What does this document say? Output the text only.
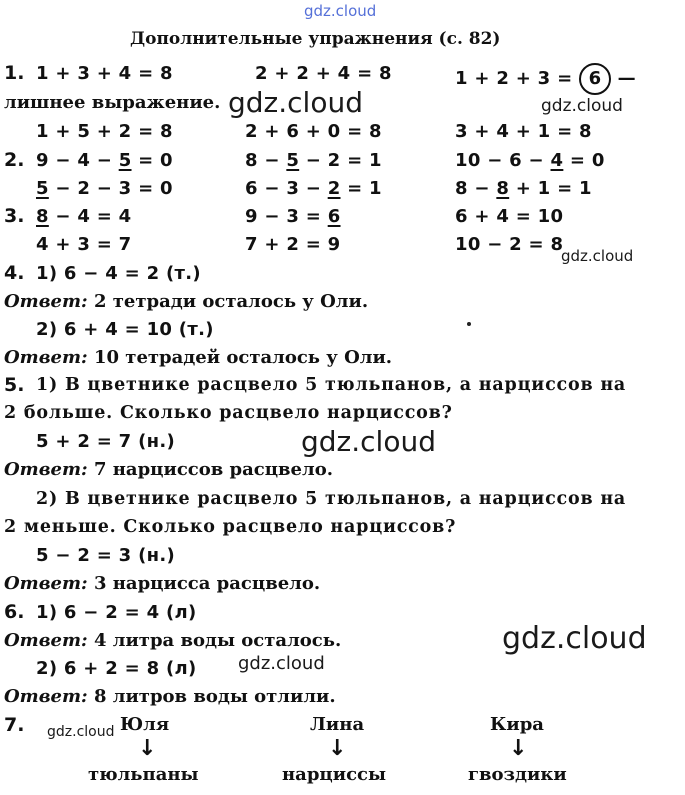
gdz.cloud
Дополнительные упражнения (с. 82)
1. 1 + 3 + 4 = 8	2 + 2 + 4 = 8	1 + 2 + 3 = 6 —
лишнее выражение.
1 + 5 + 2 = 8	2 + 6 + 0 = 8	3 + 4 + 1 = 8
2. 9 − 4 − 5 = 0	8 − 5 − 2 = 1	10 − 6 − 4 = 0
5 − 2 − 3 = 0	6 − 3 − 2 = 1	8 − 8 + 1 = 1
3. 8 − 4 = 4	9 − 3 = 6	6 + 4 = 10
4 + 3 = 7	7 + 2 = 9	10 − 2 = 8
4. 1) 6 − 4 = 2 (т.)
Ответ: 2 тетради осталось у Оли.
2) 6 + 4 = 10 (т.)
Ответ: 10 тетрадей осталось у Оли.
5. 1) В цветнике расцвело 5 тюльпанов, а нарциссов на
2 больше. Сколько расцвело нарциссов?
5 + 2 = 7 (н.)
Ответ: 7 нарциссов расцвело.
2) В цветнике расцвело 5 тюльпанов, а нарциссов на
2 меньше. Сколько расцвело нарциссов?
5 − 2 = 3 (н.)
Ответ: 3 нарцисса расцвело.
6. 1) 6 − 2 = 4 (л)
Ответ: 4 литра воды осталось.
2) 6 + 2 = 8 (л)
Ответ: 8 литров воды отлили.
7.	Юля	Лина	Кира
↓	↓	↓
тюльпаны	нарциссы	гвоздики
gdz.cloud	gdz.cloud
gdz.cloud
gdz.cloud
gdz.cloud
gdz.cloud
gdz.cloud
